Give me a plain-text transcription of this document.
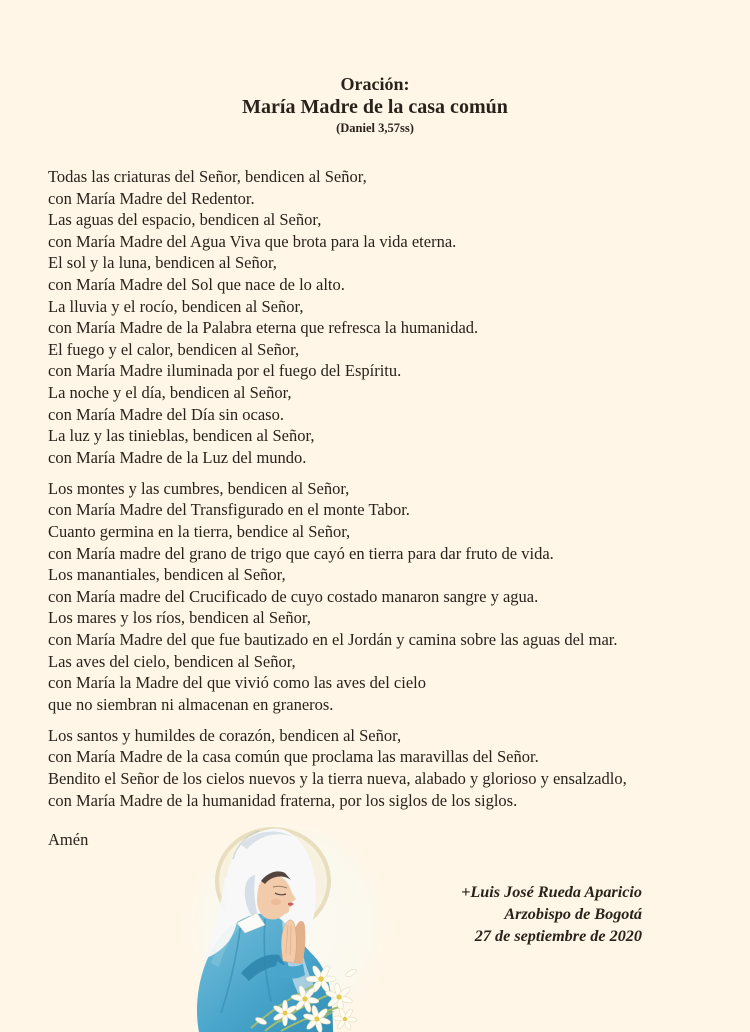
Oración:
María Madre de la casa común
(Daniel 3,57ss)

Todas las criaturas del Señor, bendicen al Señor,
con María Madre del Redentor.
Las aguas del espacio, bendicen al Señor,
con María Madre del Agua Viva que brota para la vida eterna.
El sol y la luna, bendicen al Señor,
con María Madre del Sol que nace de lo alto.
La lluvia y el rocío, bendicen al Señor,
con María Madre de la Palabra eterna que refresca la humanidad.
El fuego y el calor, bendicen al Señor,
con María Madre iluminada por el fuego del Espíritu.
La noche y el día, bendicen al Señor,
con María Madre del Día sin ocaso.
La luz y las tinieblas, bendicen al Señor,
con María Madre de la Luz del mundo.

Los montes y las cumbres, bendicen al Señor,
con María Madre del Transfigurado en el monte Tabor.
Cuanto germina en la tierra, bendice al Señor,
con María madre del grano de trigo que cayó en tierra para dar fruto de vida.
Los manantiales, bendicen al Señor,
con María madre del Crucificado de cuyo costado manaron sangre y agua.
Los mares y los ríos, bendicen al Señor,
con María Madre del que fue bautizado en el Jordán y camina sobre las aguas del mar.
Las aves del cielo, bendicen al Señor,
con María la Madre del que vivió como las aves del cielo
que no siembran ni almacenan en graneros.

Los santos y humildes de corazón, bendicen al Señor,
con María Madre de la casa común que proclama las maravillas del Señor.
Bendito el Señor de los cielos nuevos y la tierra nueva, alabado y glorioso y ensalzadlo,
con María Madre de la humanidad fraterna, por los siglos de los siglos.

Amén
+Luis José Rueda Aparicio
Arzobispo de Bogotá
27 de septiembre de 2020
